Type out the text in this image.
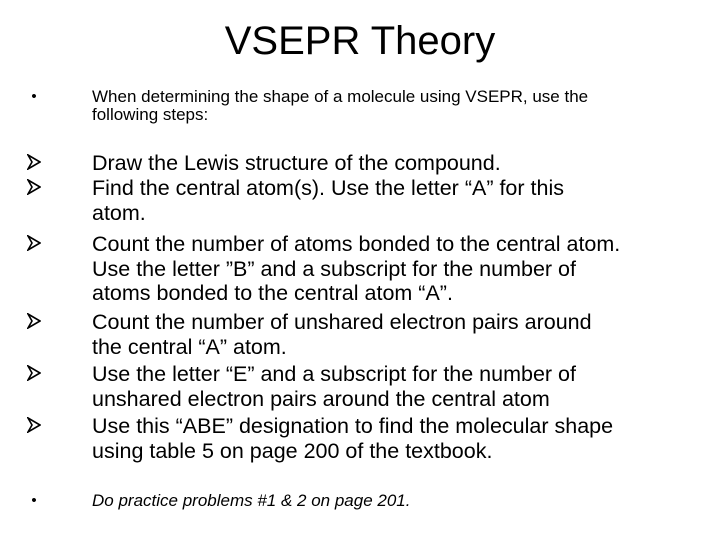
VSEPR Theory
•	When determining the shape of a molecule using VSEPR, use the
following steps:
Draw the Lewis structure of the compound.
Find the central atom(s). Use the letter “A” for this
atom.
Count the number of atoms bonded to the central atom.
Use the letter ”B” and a subscript for the number of
atoms bonded to the central atom “A”.
Count the number of unshared electron pairs around
the central “A” atom.
Use the letter “E” and a subscript for the number of
unshared electron pairs around the central atom
Use this “ABE” designation to find the molecular shape
using table 5 on page 200 of the textbook.
•	Do practice problems #1 & 2 on page 201.
